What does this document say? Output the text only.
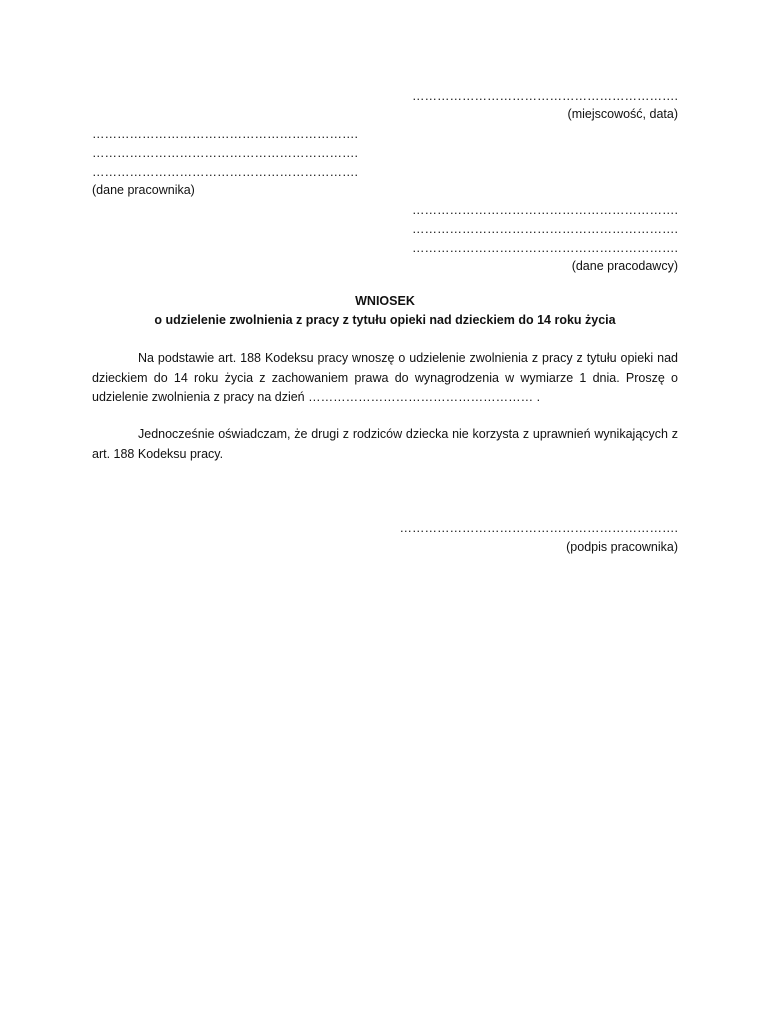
……………………………………………………….
(miejscowość, data)
……………………………………………………….
……………………………………………………….
……………………………………………………….
(dane pracownika)
……………………………………………………….
……………………………………………………….
……………………………………………………….
(dane pracodawcy)
WNIOSEK
o udzielenie zwolnienia z pracy z tytułu opieki nad dzieckiem do 14 roku życia
Na podstawie art. 188 Kodeksu pracy wnoszę o udzielenie zwolnienia z pracy z tytułu opieki nad dzieckiem do 14 roku życia z zachowaniem prawa do wynagrodzenia w wymiarze 1 dnia. Proszę o udzielenie zwolnienia z pracy na dzień ……………………………………………… .
Jednocześnie oświadczam, że drugi z rodziców dziecka nie korzysta z uprawnień wynikających z art. 188 Kodeksu pracy.
………………………………………………………….
(podpis pracownika)
